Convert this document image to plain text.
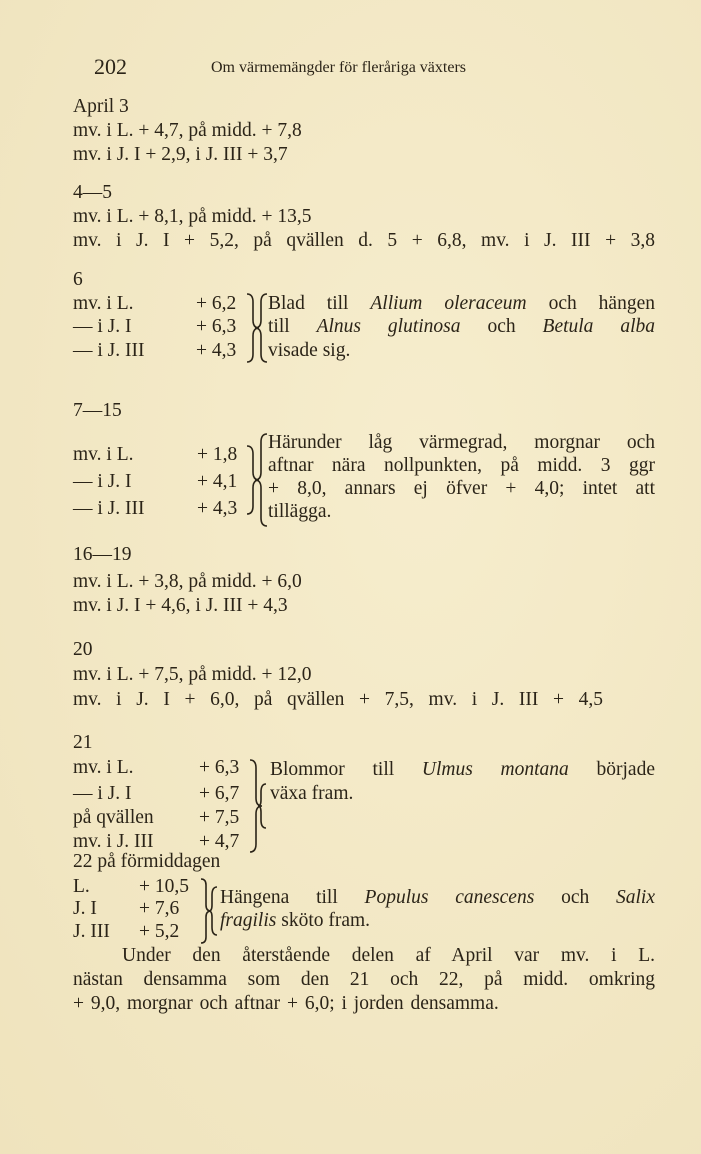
202	Om värmemängder för fleråriga växters
April 3
mv. i L. + 4,7, på midd. + 7,8
mv. i J. I + 2,9, i J. III + 3,7
4—5
mv. i L. + 8,1, på midd. + 13,5
mv. i J. I + 5,2, på qvällen d. 5 + 6,8, mv. i J. III + 3,8
6
mv. i L.
— i J. I
— i J. III
+ 6,2
+ 6,3
+ 4,3
Blad till Allium oleraceum och hängen
till Alnus glutinosa och Betula alba
visade sig.
7—15
mv. i L.
— i J. I
— i J. III
+ 1,8
+ 4,1
+ 4,3
Härunder låg värmegrad, morgnar och
aftnar nära nollpunkten, på midd. 3 ggr
+ 8,0, annars ej öfver + 4,0; intet att
tillägga.
16—19
mv. i L. + 3,8, på midd. + 6,0
mv. i J. I + 4,6, i J. III + 4,3
20
mv. i L. + 7,5, på midd. + 12,0
mv. i J. I + 6,0, på qvällen + 7,5, mv. i J. III + 4,5
21
mv. i L.
— i J. I
på qvällen
mv. i J. III
+ 6,3
+ 6,7
+ 7,5
+ 4,7
Blommor till Ulmus montana började
växa fram.
22 på förmiddagen
L.
J. I
J. III
+ 10,5
+ 7,6
+ 5,2
Hängena till Populus canescens och Salix
fragilis sköto fram.
Under den återstående delen af April var mv. i L.
nästan densamma som den 21 och 22, på midd. omkring
+ 9,0, morgnar och aftnar + 6,0; i jorden densamma.
